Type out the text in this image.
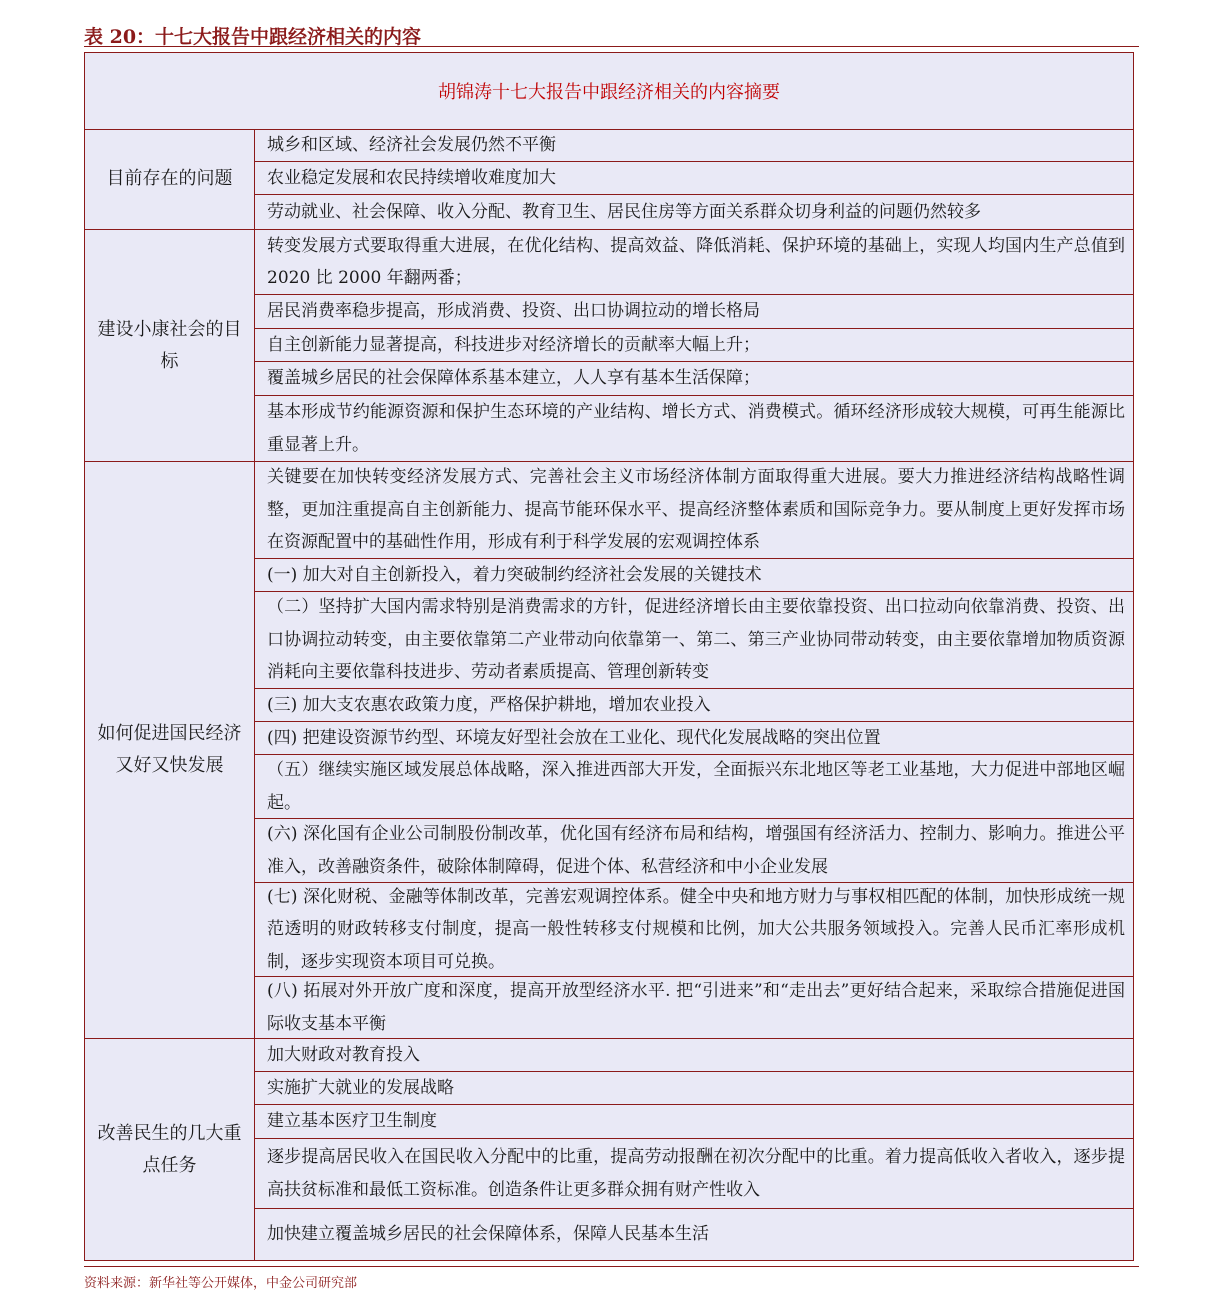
表 20：十七大报告中跟经济相关的内容
胡锦涛十七大报告中跟经济相关的内容摘要
目前存在的问题
城乡和区域、经济社会发展仍然不平衡
农业稳定发展和农民持续增收难度加大
劳动就业、社会保障、收入分配、教育卫生、居民住房等方面关系群众切身利益的问题仍然较多
建设小康社会的目标
转变发展方式要取得重大进展，在优化结构、提高效益、降低消耗、保护环境的基础上，实现人均国内生产总值到 2020 比 2000 年翻两番；
居民消费率稳步提高，形成消费、投资、出口协调拉动的增长格局
自主创新能力显著提高，科技进步对经济增长的贡献率大幅上升；
覆盖城乡居民的社会保障体系基本建立，人人享有基本生活保障；
基本形成节约能源资源和保护生态环境的产业结构、增长方式、消费模式。循环经济形成较大规模，可再生能源比重显著上升。
如何促进国民经济又好又快发展
关键要在加快转变经济发展方式、完善社会主义市场经济体制方面取得重大进展。要大力推进经济结构战略性调整，更加注重提高自主创新能力、提高节能环保水平、提高经济整体素质和国际竞争力。要从制度上更好发挥市场在资源配置中的基础性作用，形成有利于科学发展的宏观调控体系
(一) 加大对自主创新投入，着力突破制约经济社会发展的关键技术
（二）坚持扩大国内需求特别是消费需求的方针，促进经济增长由主要依靠投资、出口拉动向依靠消费、投资、出口协调拉动转变，由主要依靠第二产业带动向依靠第一、第二、第三产业协同带动转变，由主要依靠增加物质资源消耗向主要依靠科技进步、劳动者素质提高、管理创新转变
(三) 加大支农惠农政策力度，严格保护耕地，增加农业投入
(四) 把建设资源节约型、环境友好型社会放在工业化、现代化发展战略的突出位置
（五）继续实施区域发展总体战略，深入推进西部大开发，全面振兴东北地区等老工业基地，大力促进中部地区崛起。
(六) 深化国有企业公司制股份制改革，优化国有经济布局和结构，增强国有经济活力、控制力、影响力。推进公平准入，改善融资条件，破除体制障碍，促进个体、私营经济和中小企业发展
(七) 深化财税、金融等体制改革，完善宏观调控体系。健全中央和地方财力与事权相匹配的体制，加快形成统一规范透明的财政转移支付制度，提高一般性转移支付规模和比例，加大公共服务领域投入。完善人民币汇率形成机制，逐步实现资本项目可兑换。
(八) 拓展对外开放广度和深度，提高开放型经济水平. 把“引进来”和“走出去”更好结合起来，采取综合措施促进国际收支基本平衡
改善民生的几大重点任务
加大财政对教育投入
实施扩大就业的发展战略
建立基本医疗卫生制度
逐步提高居民收入在国民收入分配中的比重，提高劳动报酬在初次分配中的比重。着力提高低收入者收入，逐步提高扶贫标准和最低工资标准。创造条件让更多群众拥有财产性收入
加快建立覆盖城乡居民的社会保障体系，保障人民基本生活
资料来源：新华社等公开媒体，中金公司研究部
